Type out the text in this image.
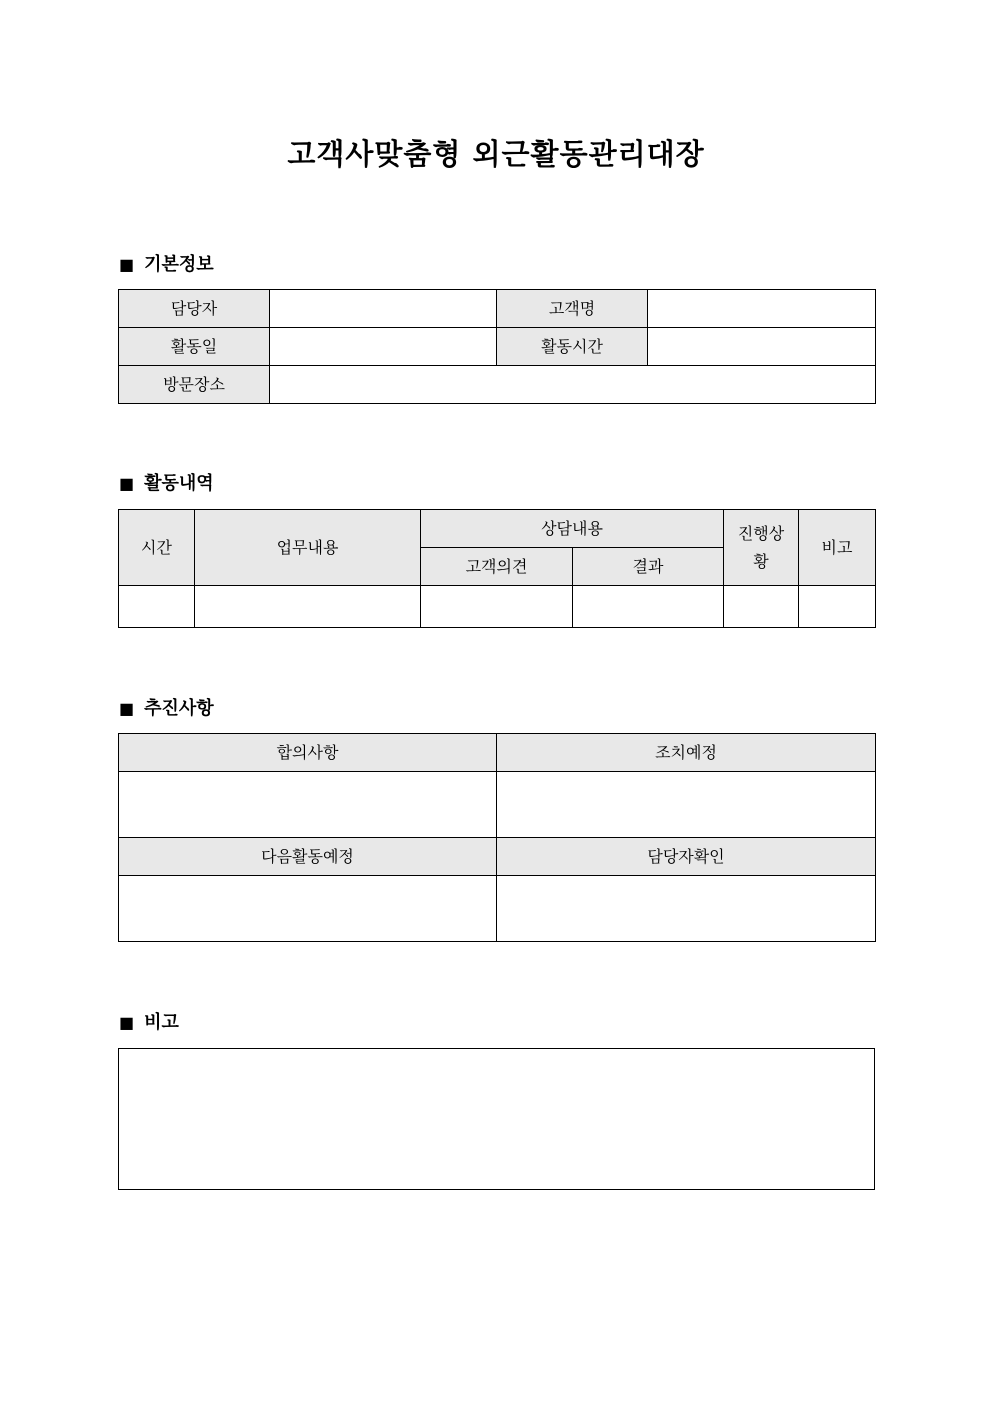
고객사맞춤형 외근활동관리대장
■ 기본정보
담당자		고객명	
활동일		활동시간	
방문장소			
■ 활동내역
시간	업무내용	상담내용		진행상황	비고
		고객의견	결과		

■ 추진사항
합의사항	조치예정

다음활동예정	담당자확인

■ 비고
